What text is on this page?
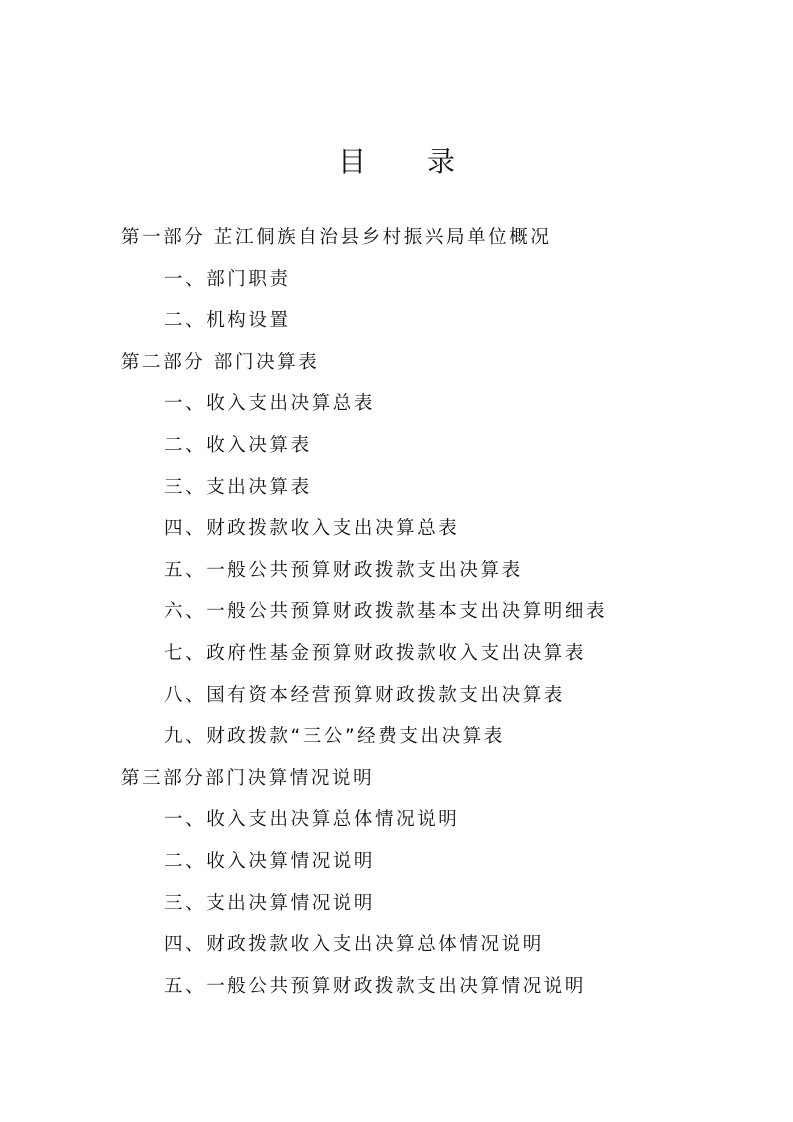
目 录
第一部分 芷江侗族自治县乡村振兴局单位概况
一、部门职责
二、机构设置
第二部分 部门决算表
一、收入支出决算总表
二、收入决算表
三、支出决算表
四、财政拨款收入支出决算总表
五、一般公共预算财政拨款支出决算表
六、一般公共预算财政拨款基本支出决算明细表
七、政府性基金预算财政拨款收入支出决算表
八、国有资本经营预算财政拨款支出决算表
九、财政拨款“三公”经费支出决算表
第三部分部门决算情况说明
一、收入支出决算总体情况说明
二、收入决算情况说明
三、支出决算情况说明
四、财政拨款收入支出决算总体情况说明
五、一般公共预算财政拨款支出决算情况说明
